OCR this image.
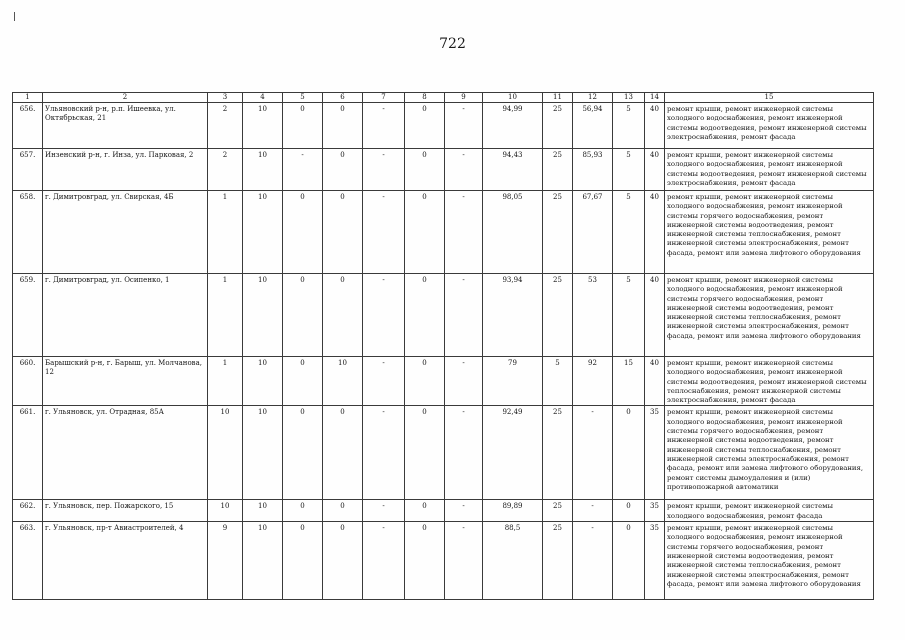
722
1	2	3	4	5	6	7	8	9	10	11	12	13	14	15
656.	Ульяновский р-н, р.п. Ишеевка, ул. Октябрьская, 21	2	10	0	0	-	0	-	94,99	25	56,94	5	40	ремонт крыши, ремонт инженерной системы холодного водоснабжения, ремонт инженерной системы водоотведения, ремонт инженерной системы электроснабжения, ремонт фасада
657.	Инзенский р-н, г. Инза, ул. Парковая, 2	2	10	-	0	-	0	-	94,43	25	85,93	5	40	ремонт крыши, ремонт инженерной системы холодного водоснабжения, ремонт инженерной системы водоотведения, ремонт инженерной системы электроснабжения, ремонт фасада
658.	г. Димитровград, ул. Свирская, 4Б	1	10	0	0	-	0	-	98,05	25	67,67	5	40	ремонт крыши, ремонт инженерной системы холодного водоснабжения, ремонт инженерной системы горячего водоснабжения, ремонт инженерной системы водоотведения, ремонт инженерной системы теплоснабжения, ремонт инженерной системы электроснабжения, ремонт фасада, ремонт или замена лифтового оборудования
659.	г. Димитровград, ул. Осипенко, 1	1	10	0	0	-	0	-	93,94	25	53	5	40	ремонт крыши, ремонт инженерной системы холодного водоснабжения, ремонт инженерной системы горячего водоснабжения, ремонт инженерной системы водоотведения, ремонт инженерной системы теплоснабжения, ремонт инженерной системы электроснабжения, ремонт фасада, ремонт или замена лифтового оборудования
660.	Барышский р-н, г. Барыш, ул. Молчанова, 12	1	10	0	10	-	0	-	79	5	92	15	40	ремонт крыши, ремонт инженерной системы холодного водоснабжения, ремонт инженерной системы водоотведения, ремонт инженерной системы теплоснабжения, ремонт инженерной системы электроснабжения, ремонт фасада
661.	г. Ульяновск, ул. Отрадная, 85А	10	10	0	0	-	0	-	92,49	25	-	0	35	ремонт крыши, ремонт инженерной системы холодного водоснабжения, ремонт инженерной системы горячего водоснабжения, ремонт инженерной системы водоотведения, ремонт инженерной системы теплоснабжения, ремонт инженерной системы электроснабжения, ремонт фасада, ремонт или замена лифтового оборудования, ремонт системы дымоудаления и (или) противопожарной автоматики
662.	г. Ульяновск, пер. Пожарского, 15	10	10	0	0	-	0	-	89,89	25	-	0	35	ремонт крыши, ремонт инженерной системы холодного водоснабжения, ремонт фасада
663.	г. Ульяновск, пр-т Авиастроителей, 4	9	10	0	0	-	0	-	88,5	25	-	0	35	ремонт крыши, ремонт инженерной системы холодного водоснабжения, ремонт инженерной системы горячего водоснабжения, ремонт инженерной системы водоотведения, ремонт инженерной системы теплоснабжения, ремонт инженерной системы электроснабжения, ремонт фасада, ремонт или замена лифтового оборудования
